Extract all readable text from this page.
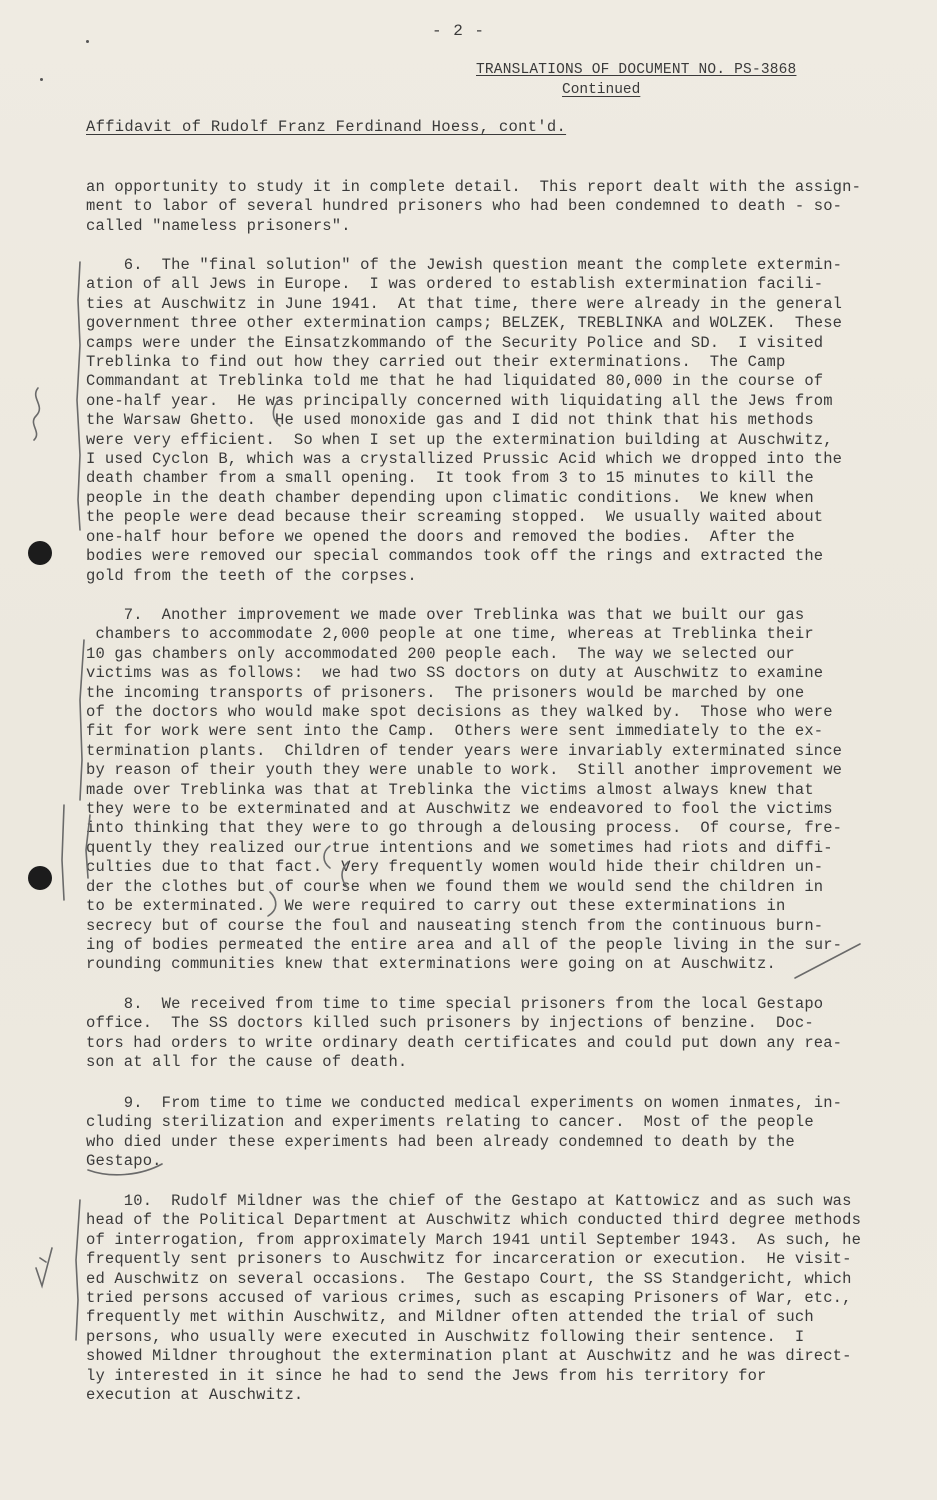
- 2 -
TRANSLATIONS OF DOCUMENT NO. PS-3868
Continued
Affidavit of Rudolf Franz Ferdinand Hoess, cont'd.
an opportunity to study it in complete detail.  This report dealt with the assign-
ment to labor of several hundred prisoners who had been condemned to death - so-
called "nameless prisoners".
6.  The "final solution" of the Jewish question meant the complete extermin-
ation of all Jews in Europe.  I was ordered to establish extermination facili-
ties at Auschwitz in June 1941.  At that time, there were already in the general
government three other extermination camps; BELZEK, TREBLINKA and WOLZEK.  These
camps were under the Einsatzkommando of the Security Police and SD.  I visited
Treblinka to find out how they carried out their exterminations.  The Camp
Commandant at Treblinka told me that he had liquidated 80,000 in the course of
one-half year.  He was principally concerned with liquidating all the Jews from
the Warsaw Ghetto.  He used monoxide gas and I did not think that his methods
were very efficient.  So when I set up the extermination building at Auschwitz,
I used Cyclon B, which was a crystallized Prussic Acid which we dropped into the
death chamber from a small opening.  It took from 3 to 15 minutes to kill the
people in the death chamber depending upon climatic conditions.  We knew when
the people were dead because their screaming stopped.  We usually waited about
one-half hour before we opened the doors and removed the bodies.  After the
bodies were removed our special commandos took off the rings and extracted the
gold from the teeth of the corpses.
7.  Another improvement we made over Treblinka was that we built our gas
chambers to accommodate 2,000 people at one time, whereas at Treblinka their
10 gas chambers only accommodated 200 people each.  The way we selected our
victims was as follows:  we had two SS doctors on duty at Auschwitz to examine
the incoming transports of prisoners.  The prisoners would be marched by one
of the doctors who would make spot decisions as they walked by.  Those who were
fit for work were sent into the Camp.  Others were sent immediately to the ex-
termination plants.  Children of tender years were invariably exterminated since
by reason of their youth they were unable to work.  Still another improvement we
made over Treblinka was that at Treblinka the victims almost always knew that
they were to be exterminated and at Auschwitz we endeavored to fool the victims
into thinking that they were to go through a delousing process.  Of course, fre-
quently they realized our true intentions and we sometimes had riots and diffi-
culties due to that fact.  Very frequently women would hide their children un-
der the clothes but of course when we found them we would send the children in
to be exterminated.  We were required to carry out these exterminations in
secrecy but of course the foul and nauseating stench from the continuous burn-
ing of bodies permeated the entire area and all of the people living in the sur-
rounding communities knew that exterminations were going on at Auschwitz.
8.  We received from time to time special prisoners from the local Gestapo
office.  The SS doctors killed such prisoners by injections of benzine.  Doc-
tors had orders to write ordinary death certificates and could put down any rea-
son at all for the cause of death.
9.  From time to time we conducted medical experiments on women inmates, in-
cluding sterilization and experiments relating to cancer.  Most of the people
who died under these experiments had been already condemned to death by the
Gestapo.
10.  Rudolf Mildner was the chief of the Gestapo at Kattowicz and as such was
head of the Political Department at Auschwitz which conducted third degree methods
of interrogation, from approximately March 1941 until September 1943.  As such, he
frequently sent prisoners to Auschwitz for incarceration or execution.  He visit-
ed Auschwitz on several occasions.  The Gestapo Court, the SS Standgericht, which
tried persons accused of various crimes, such as escaping Prisoners of War, etc.,
frequently met within Auschwitz, and Mildner often attended the trial of such
persons, who usually were executed in Auschwitz following their sentence.  I
showed Mildner throughout the extermination plant at Auschwitz and he was direct-
ly interested in it since he had to send the Jews from his territory for
execution at Auschwitz.
